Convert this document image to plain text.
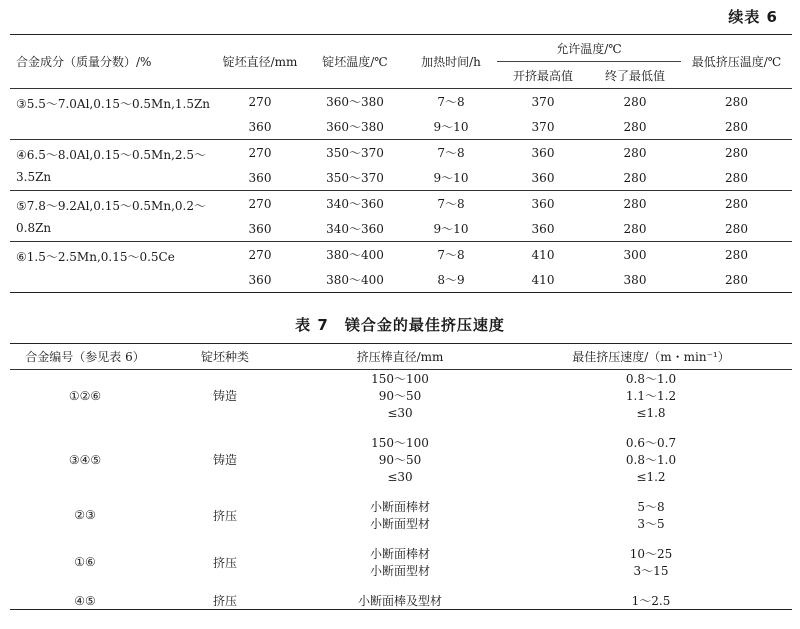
续表 6
合金成分（质量分数）/%	锭坯直径/mm	锭坯温度/℃	加热时间/h	允许温度/℃		最低挤压温度/℃
				开挤最高值	终了最低值	
③5.5～7.0Al,0.15～0.5Mn,1.5Zn	270	360～380	7～8	370	280	280
	360	360～380	9～10	370	280	280
④6.5～8.0Al,0.15～0.5Mn,2.5～3.5Zn	270	350～370	7～8	360	280	280
	360	350～370	9～10	360	280	280
⑤7.8～9.2Al,0.15～0.5Mn,0.2～0.8Zn	270	340～360	7～8	360	280	280
	360	340～360	9～10	360	280	280
⑥1.5～2.5Mn,0.15～0.5Ce	270	380～400	7～8	410	300	280
	360	380～400	8～9	410	380	280
表 7　镁合金的最佳挤压速度
合金编号（参见表 6）	锭坯种类	挤压棒直径/mm	最佳挤压速度/（m・min⁻¹）
①②⑥	铸造	150～100	0.8～1.0
		90～50	1.1～1.2
		≤30	≤1.8

③④⑤	铸造	150～100	0.6～0.7
		90～50	0.8～1.0
		≤30	≤1.2

②③	挤压	小断面棒材	5～8
		小断面型材	3～5

①⑥	挤压	小断面棒材	10～25
		小断面型材	3～15

④⑤	挤压	小断面棒及型材	1～2.5
